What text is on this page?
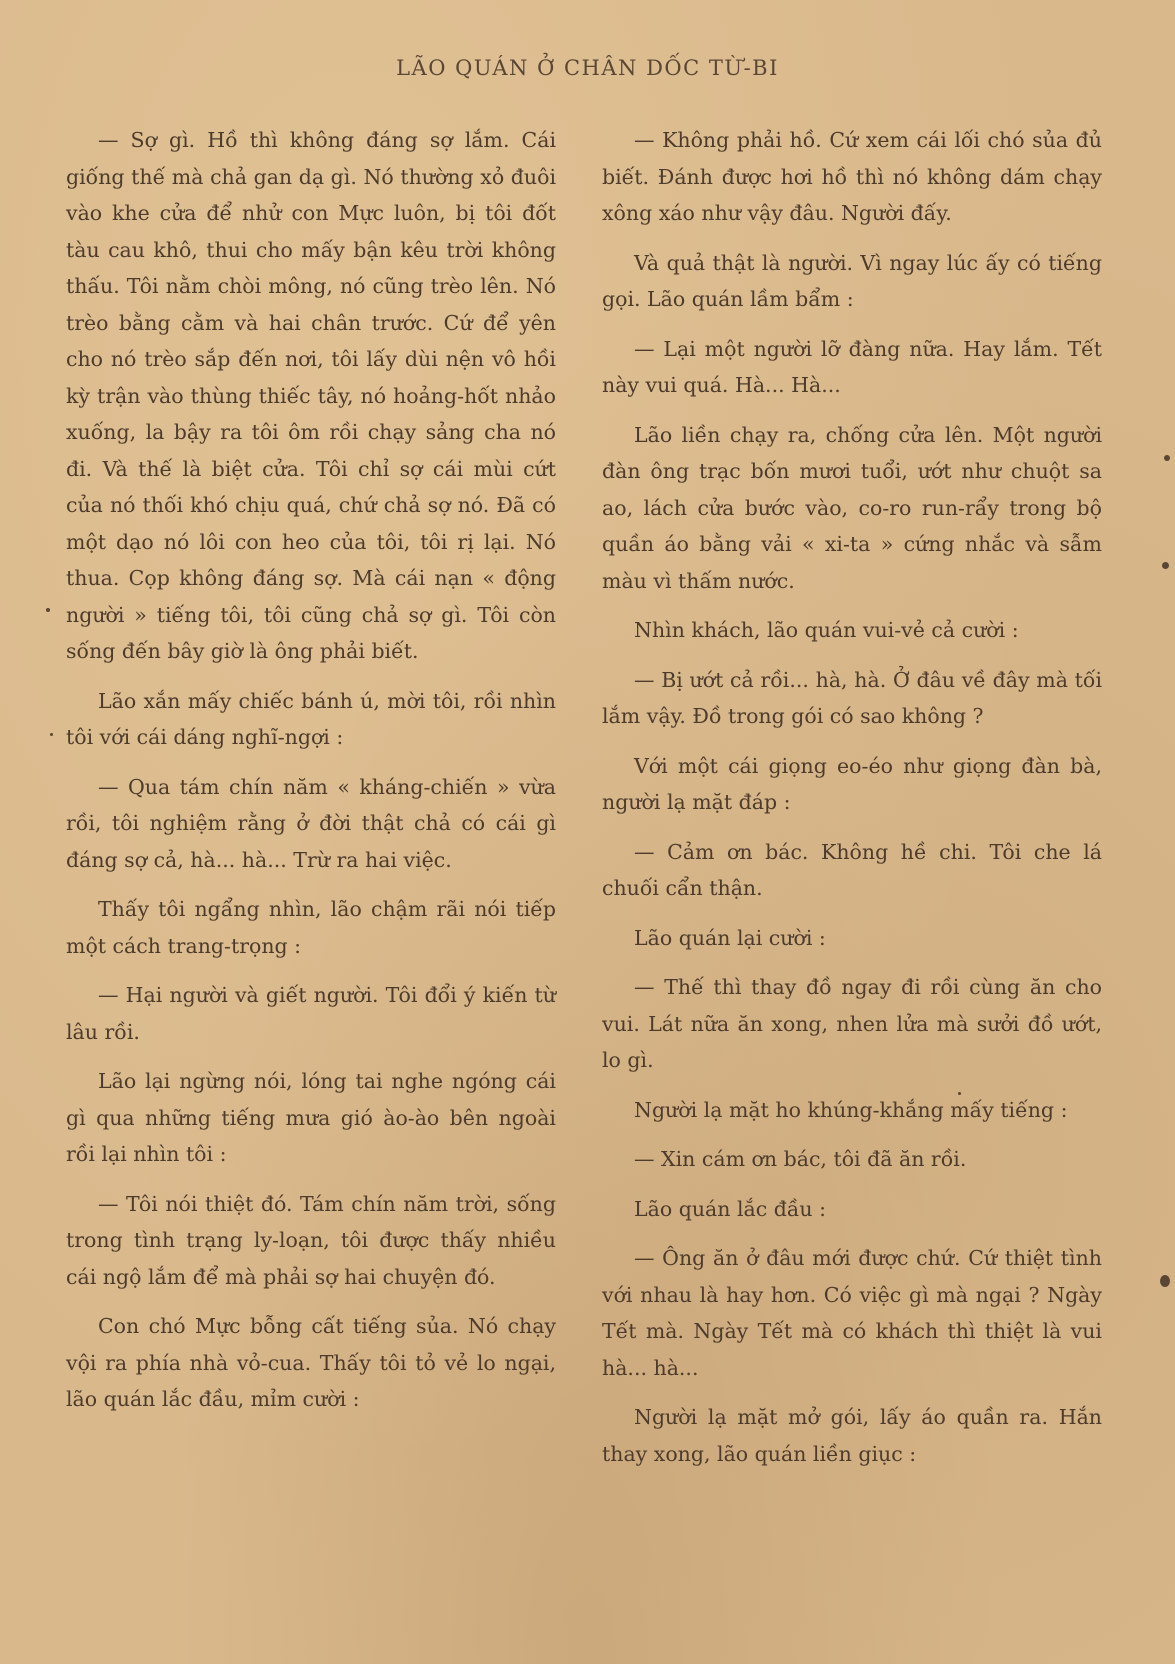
LÃO QUÁN Ở CHÂN DỐC TỪ-BI

— Sợ gì. Hồ thì không đáng sợ lắm. Cái giống thế mà chả gan dạ gì. Nó thường xỏ đuôi vào khe cửa để nhử con Mực luôn, bị tôi đốt tàu cau khô, thui cho mấy bận kêu trời không thấu. Tôi nằm chòi mông, nó cũng trèo lên. Nó trèo bằng cằm và hai chân trước. Cứ để yên cho nó trèo sắp đến nơi, tôi lấy dùi nện vô hồi kỳ trận vào thùng thiếc tây, nó hoảng-hốt nhảo xuống, la bậy ra tôi ôm rồi chạy sảng cha nó đi. Và thế là biệt cửa. Tôi chỉ sợ cái mùi cứt của nó thối khó chịu quá, chứ chả sợ nó. Đã có một dạo nó lôi con heo của tôi, tôi rị lại. Nó thua. Cọp không đáng sợ. Mà cái nạn « động người » tiếng tôi, tôi cũng chả sợ gì. Tôi còn sống đến bây giờ là ông phải biết.

Lão xắn mấy chiếc bánh ú, mời tôi, rồi nhìn tôi với cái dáng nghĩ-ngợi :

— Qua tám chín năm « kháng-chiến » vừa rồi, tôi nghiệm rằng ở đời thật chả có cái gì đáng sợ cả, hà... hà... Trừ ra hai việc.

Thấy tôi ngẩng nhìn, lão chậm rãi nói tiếp một cách trang-trọng :

— Hại người và giết người. Tôi đổi ý kiến từ lâu rồi.

Lão lại ngừng nói, lóng tai nghe ngóng cái gì qua những tiếng mưa gió ào-ào bên ngoài rồi lại nhìn tôi :

— Tôi nói thiệt đó. Tám chín năm trời, sống trong tình trạng ly-loạn, tôi được thấy nhiều cái ngộ lắm để mà phải sợ hai chuyện đó.

Con chó Mực bỗng cất tiếng sủa. Nó chạy vội ra phía nhà vỏ-cua. Thấy tôi tỏ vẻ lo ngại, lão quán lắc đầu, mỉm cười :

— Không phải hồ. Cứ xem cái lối chó sủa đủ biết. Đánh được hơi hồ thì nó không dám chạy xông xáo như vậy đâu. Người đấy.

Và quả thật là người. Vì ngay lúc ấy có tiếng gọi. Lão quán lầm bẩm :

— Lại một người lỡ đàng nữa. Hay lắm. Tết này vui quá. Hà... Hà...

Lão liền chạy ra, chống cửa lên. Một người đàn ông trạc bốn mươi tuổi, ướt như chuột sa ao, lách cửa bước vào, co-ro run-rẩy trong bộ quần áo bằng vải « xi-ta » cứng nhắc và sẫm màu vì thấm nước.

Nhìn khách, lão quán vui-vẻ cả cười :

— Bị ướt cả rồi... hà, hà. Ở đâu về đây mà tối lắm vậy. Đồ trong gói có sao không ?

Với một cái giọng eo-éo như giọng đàn bà, người lạ mặt đáp :

— Cảm ơn bác. Không hề chi. Tôi che lá chuối cẩn thận.

Lão quán lại cười :

— Thế thì thay đồ ngay đi rồi cùng ăn cho vui. Lát nữa ăn xong, nhen lửa mà sưởi đồ ướt, lo gì.

Người lạ mặt ho khúng-khắng mấy tiếng :

— Xin cám ơn bác, tôi đã ăn rồi.

Lão quán lắc đầu :

— Ông ăn ở đâu mới được chứ. Cứ thiệt tình với nhau là hay hơn. Có việc gì mà ngại ? Ngày Tết mà. Ngày Tết mà có khách thì thiệt là vui hà... hà...

Người lạ mặt mở gói, lấy áo quần ra. Hắn thay xong, lão quán liền giục :
